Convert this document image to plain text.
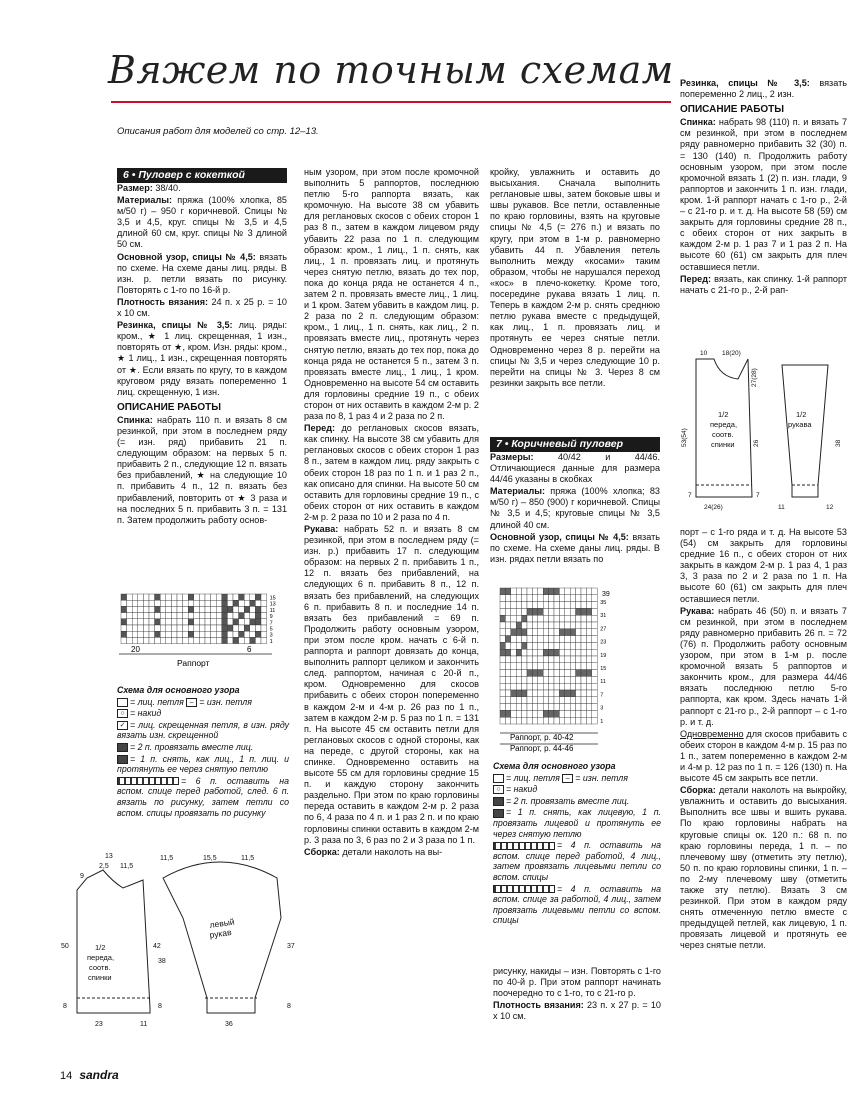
Вяжем по точным схемам
Описания работ для моделей со стр. 12–13.
6 • Пуловер с кокеткой

Размер: 38/40.

Материалы: пряжа (100% хлопка, 85 м/50 г) – 950 г коричневой. Спицы № 3,5 и 4,5, круг. спицы № 3,5 и 4,5 длиной 60 см, круг. спицы № 3 длиной 50 см.

Основной узор, спицы № 4,5: вязать по схеме. На схеме даны лиц. ряды. В изн. р. петли вязать по рисунку. Повторять с 1-го по 16-й р.

Плотность вязания: 24 п. x 25 р. = 10 x 10 см.

Резинка, спицы № 3,5: лиц. ряды: кром., ★ 1 лиц. скрещенная, 1 изн., повторять от ★, кром. Изн. ряды: кром., ★ 1 лиц., 1 изн., скрещенная повторять от ★. Если вязать по кругу, то в каждом круговом ряду вязать попеременно 1 лиц. скрещенную, 1 изн.

ОПИСАНИЕ РАБОТЫ

Спинка: набрать 110 п. и вязать 8 см резинкой, при этом в последнем ряду (= изн. ряд) прибавить 21 п. следующим образом: на первых 5 п. прибавить 2 п., следующие 12 п. вязать без прибавлений, ★ на следующие 10 п. прибавить 4 п., 12 п. вязать без прибавлений, повторить от ★ 3 раза и на последних 5 п. прибавить 3 п. = 131 п. Затем продолжить работу основ-

20	6
Раппорт
15
13
11
9
7
5
3
1

Схема для основного узора

= лиц. петля – = изн. петля

○ = накид

✓ = лиц. скрещенная петля, в изн. ряду вязать изн. скрещенной

= 2 п. провязать вместе лиц.

= 1 п. снять, как лиц., 1 п. лиц. и протянуть ее через снятую петлю

= 6 п. оставить на вспом. спице перед работой, след. 6 п. вязать по рисунку, затем петли со вспом. спицы провязать по рисунку

1/2
переда,
соотв.
спинки
левый
рукав
13
2,5 11,5
9
11,5	15,5	11,5
50	42
38
8
8
37
8
23	11	36

ным узором, при этом после кромочной выполнить 5 раппортов, последнюю петлю 5-го раппорта вязать, как кромочную. На высоте 38 см убавить для реглановых скосов с обеих сторон 1 раз 8 п., затем в каждом лицевом ряду убавить 22 раза по 1 п. следующим образом: кром., 1 лиц., 1 п. снять, как лиц., 1 п. провязать лиц. и протянуть через снятую петлю, вязать до тех пор, пока до конца ряда не останется 4 п., затем 2 п. провязать вместе лиц., 1 лиц. и 1 кром. Затем убавить в каждом лиц. р. 2 раза по 2 п. следующим образом: кром., 1 лиц., 1 п. снять, как лиц., 2 п. провязать вместе лиц., протянуть через снятую петлю, вязать до тех пор, пока до конца ряда не останется 5 п., затем 3 п. провязать вместе лиц., 1 лиц., 1 кром. Одновременно на высоте 54 см оставить для горловины средние 19 п., с обеих сторон от них оставить в каждом 2-м р. 2 раза по 8, 1 раз 4 и 2 раза по 2 п.

Перед: до реглановых скосов вязать, как спинку. На высоте 38 см убавить для реглановых скосов с обеих сторон 1 раз 8 п., затем в каждом лиц. ряду закрыть с обеих сторон 18 раз по 1 п. и 1 раз 2 п., как описано для спинки. На высоте 50 см оставить для горловины средние 19 п., с обеих сторон от них оставить в каждом 2-м р. 2 раза по 10 и 2 раза по 4 п.

Рукава: набрать 52 п. и вязать 8 см резинкой, при этом в последнем ряду (= изн. р.) прибавить 17 п. следующим образом: на первых 2 п. прибавить 1 п., 12 п. вязать без прибавлений, на следующих 6 п. прибавить 8 п., 12 п. вязать без прибавлений, на следующих 6 п. прибавить 8 п. и последние 14 п. вязать без прибавлений = 69 п. Продолжить работу основным узором, при этом после кром. начать с 6-й п. раппорта и раппорт довязать до конца, выполнить раппорт целиком и закончить след. раппортом, начиная с 20-й п., кром. Одновременно для скосов прибавить с обеих сторон попеременно в каждом 2-м и 4-м р. 26 раз по 1 п., затем в каждом 2-м р. 5 раз по 1 п. = 131 п. На высоте 45 см оставить петли для реглановых скосов с одной стороны, как на переде, с другой стороны, как на спинке. Одновременно оставить на высоте 55 см для горловины средние 15 п. и каждую сторону закончить раздельно. При этом по краю горловины переда оставить в каждом 2-м р. 2 раза по 6, 4 раза по 4 п. и 1 раз 2 п. и по краю горловины спинки оставить в каждом 2-м р. 3 раза по 3, 6 раз по 2 и 3 раза по 1 п.

Сборка: детали наколоть на вы-

кройку, увлажнить и оставить до высыхания. Сначала выполнить реглановые швы, затем боковые швы и швы рукавов. Все петли, оставленные по краю горловины, взять на круговые спицы № 4,5 (= 276 п.) и вязать по кругу, при этом в 1-м р. равномерно убавить 44 п. Убавления петель выполнить между «косами» таким образом, чтобы не нарушался переход «кос» в плечо-кокетку. Кроме того, посередине рукава вязать 1 лиц. п. Теперь в каждом 2-м р. снять среднюю петлю рукава вместе с предыдущей, как лиц., 1 п. провязать лиц. и протянуть ее через снятые петли. Одновременно через 8 р. перейти на спицы № 3,5 и через следующие 10 р. перейти на спицы № 3. Через 8 см резинки закрыть все петли.

7 • Коричневый пуловер

Размеры:	40/42 и 44/46. Отличающиеся данные для размера 44/46 указаны в скобках

Материалы: пряжа (100% хлопка; 83 м/50 г) – 850 (900) г коричневой. Спицы № 3,5 и 4,5; круговые спицы № 3,5 длиной 40 см.

Основной узор, спицы № 4,5: вязать по схеме. На схеме даны лиц. ряды. В изн. рядах петли вязать по

39
35
31
27
23
19
15
11
7
3
1
Раппорт, р. 40-42
Раппорт, р. 44-46

Схема для основного узора

= лиц. петля – = изн. петля

○ = накид

= 2 п. провязать вместе лиц.

= 1 п. снять, как лицевую, 1 п. провязать лицевой и протянуть ее через снятую петлю

= 4 п. оставить на вспом. спице перед работой, 4 лиц., затем провязать лицевыми петли со вспом. спицы

= 4 п. оставить на вспом. спице за работой, 4 лиц., затем провязать лицевыми петли со вспом. спицы

рисунку, накиды – изн. Повторять с 1-го по 40-й р. При этом раппорт начинать поочередно то с 1-го, то с 21-го р.

Плотность вязания: 23 п. x 27 р. = 10 x 10 см.

Резинка, спицы № 3,5: вязать попеременно 2 лиц., 2 изн.

ОПИСАНИЕ РАБОТЫ

Спинка: набрать 98 (110) п. и вязать 7 см резинкой, при этом в последнем ряду равномерно прибавить 32 (30) п. = 130 (140) п. Продолжить работу основным узором, при этом после кромочной вязать 1 (2) п. изн. глади, 9 раппортов и закончить 1 п. изн. глади, кром. 1-й раппорт начать с 1-го р., 2-й – с 21-го р. и т. д. На высоте 58 (59) см закрыть для горловины средние 28 п., с обеих сторон от них закрыть в каждом 2-м р. 1 раз 7 и 1 раз 2 п. На высоте 60 (61) см закрыть для плеч оставшиеся петли.

Перед: вязать, как спинку. 1-й раппорт начать с 21-го р., 2-й рап-

1/2
переда,
соотв.
спинки
1/2
рукава
10 18(20)
27(28)
53(54)	26
7	7
38
24(26)	11	12

порт – с 1-го ряда и т. д. На высоте 53 (54) см закрыть для горловины средние 16 п., с обеих сторон от них закрыть в каждом 2-м р. 1 раз 4, 1 раз 3, 3 раза по 2 и 2 раза по 1 п. На высоте 60 (61) см закрыть для плеч оставшиеся петли.

Рукава: набрать 46 (50) п. и вязать 7 см резинкой, при этом в последнем ряду равномерно прибавить 26 п. = 72 (76) п. Продолжить работу основным узором, при этом в 1-м р. после кромочной вязать 5 раппортов и закончить кром., для размера 44/46 вязать последнюю петлю 5-го раппорта, как кром. Здесь начать 1-й раппорт с 21-го р., 2-й раппорт – с 1-го р. и т. д.

Одновременно для скосов прибавить с обеих сторон в каждом 4-м р. 15 раз по 1 п., затем попеременно в каждом 2-м и 4-м р. 12 раз по 1 п. = 126 (130) п. На высоте 45 см закрыть все петли.

Сборка: детали наколоть на выкройку, увлажнить и оставить до высыхания. Выполнить все швы и вшить рукава. По краю горловины набрать на круговые спицы ок. 120 п.: 68 п. по краю горловины переда, 1 п. – по плечевому шву (отметить эту петлю), 50 п. по краю горловины спинки, 1 п. – по 2-му плечевому шву (отметить также эту петлю). Вязать 3 см резинкой. При этом в каждом ряду снять отмеченную петлю вместе с предыдущей петлей, как лицевую, 1 п. провязать лицевой и протянуть ее через снятые петли.

14 sandra
